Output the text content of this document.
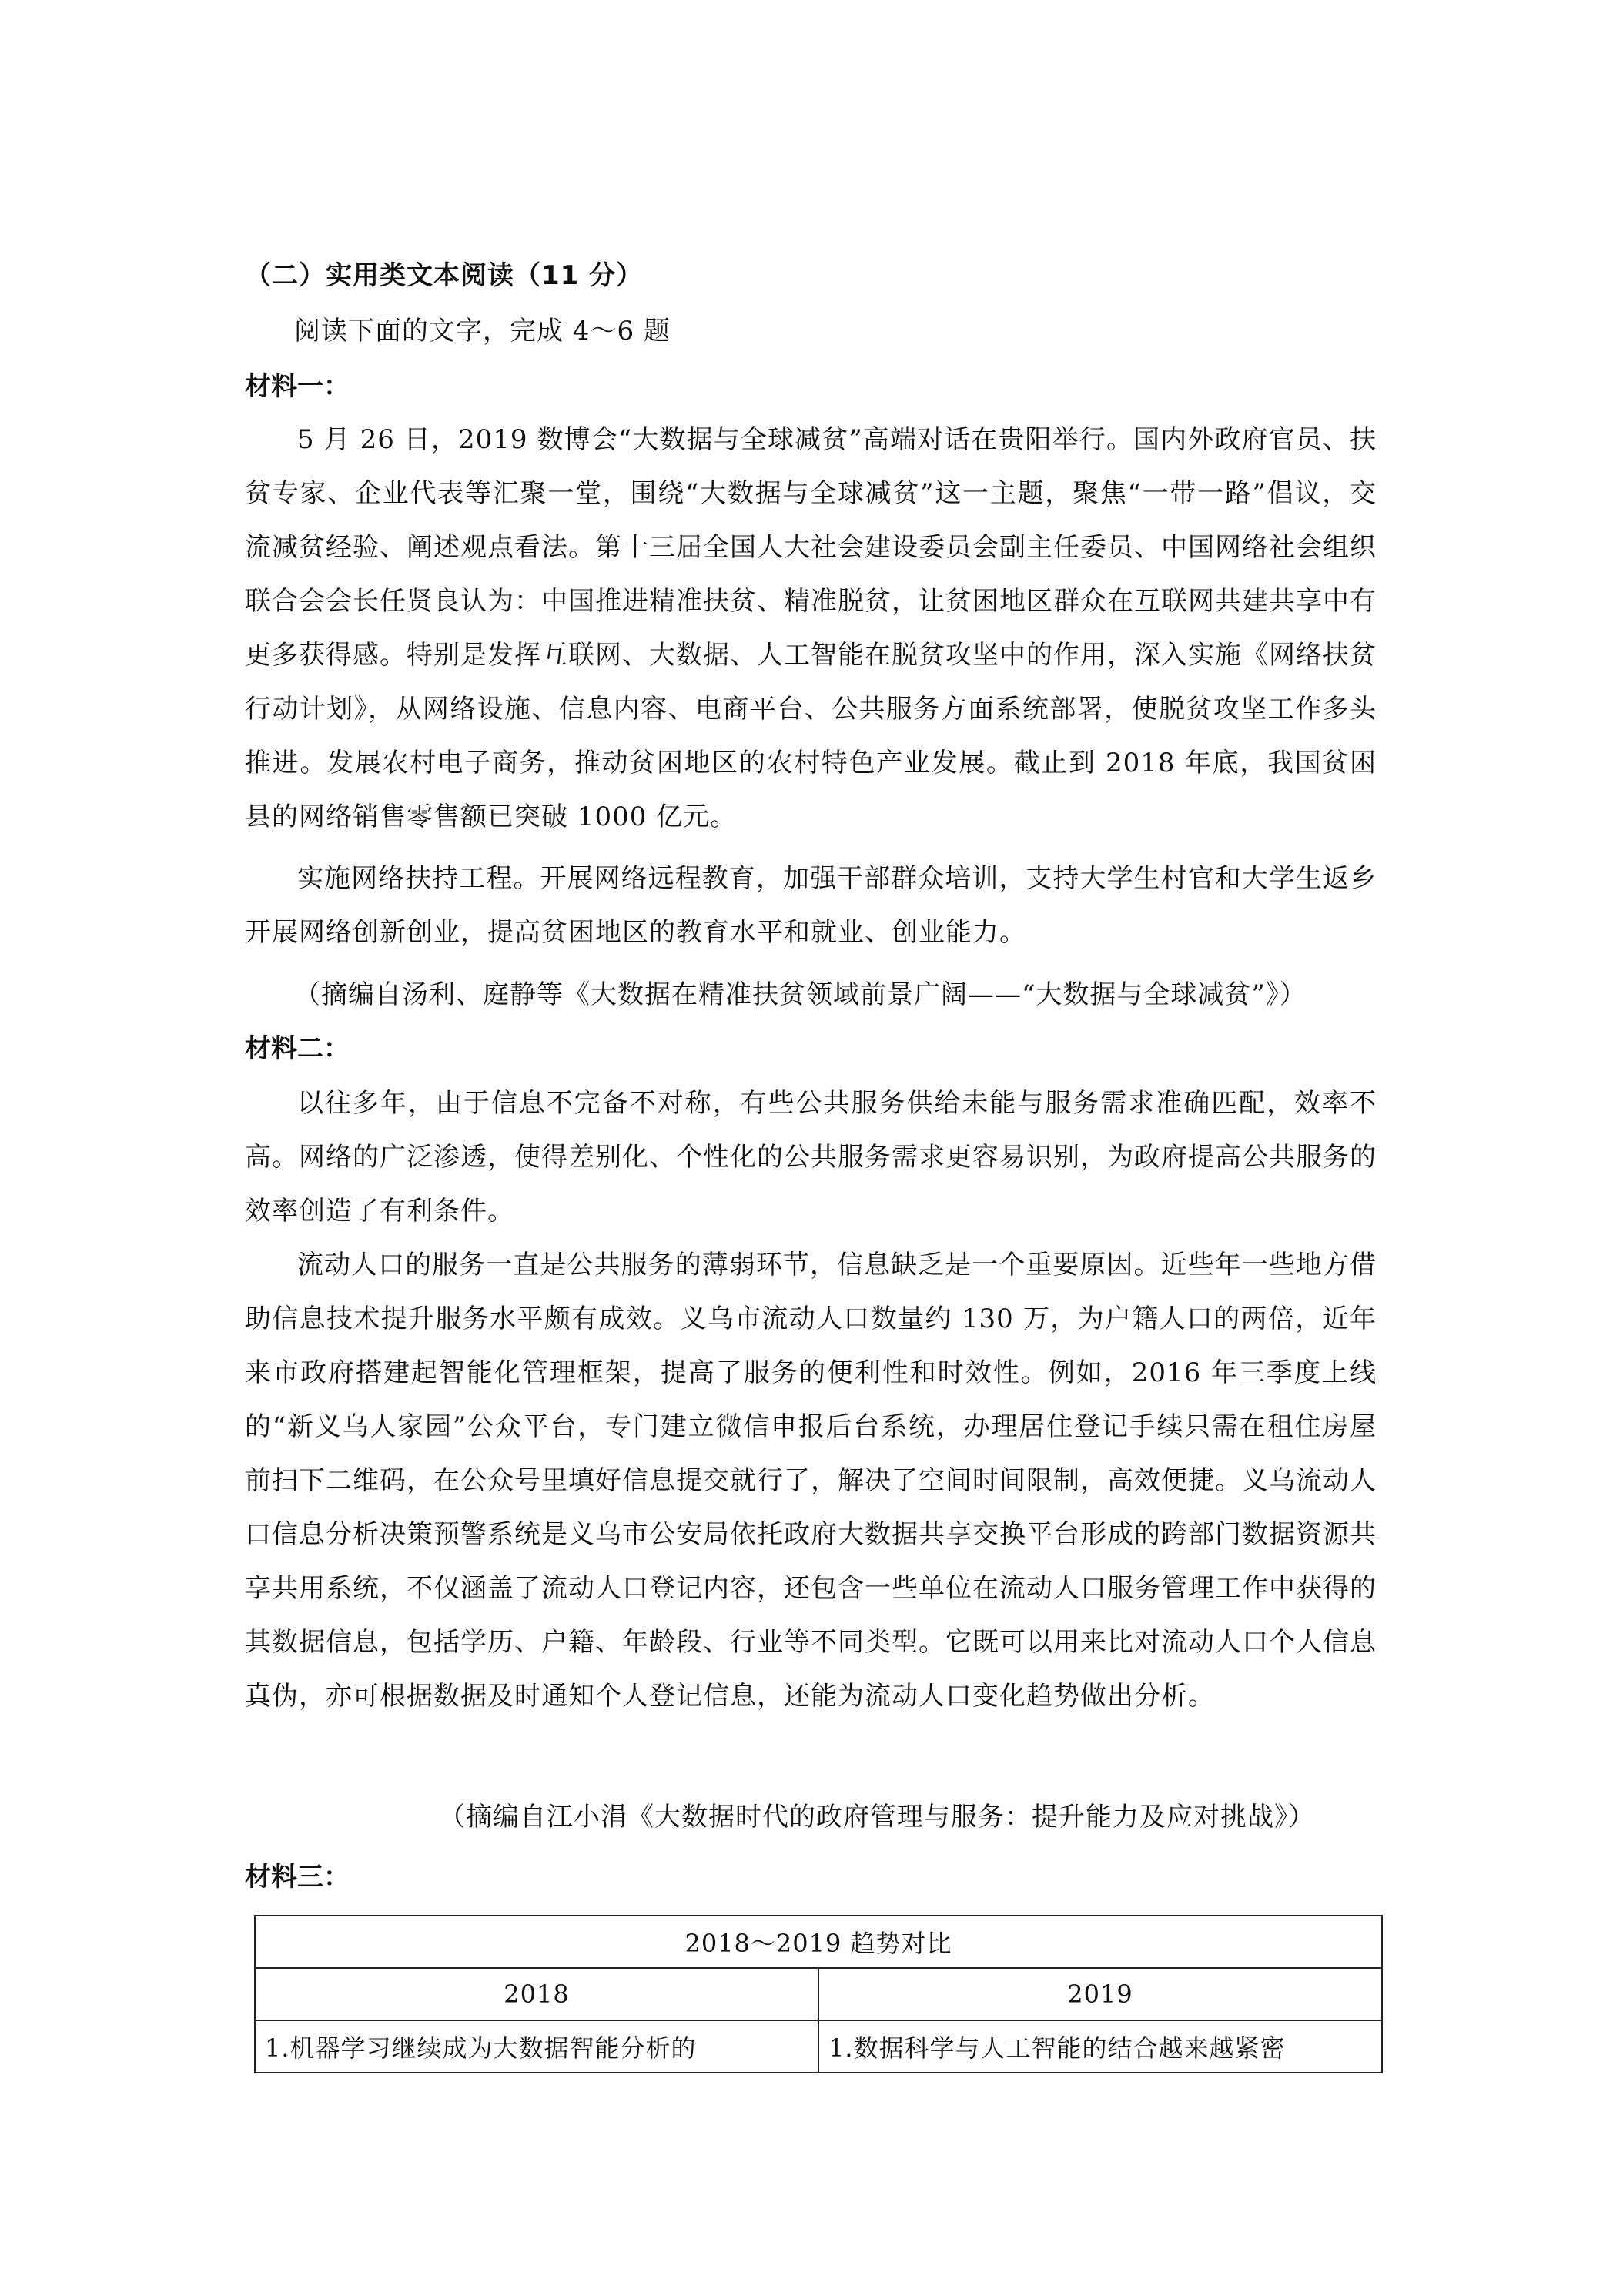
（二）实用类文本阅读（11 分）
阅读下面的文字，完成 4～6 题
材料一：

5 月 26 日，2019 数博会“大数据与全球减贫”高端对话在贵阳举行。国内外政府官员、扶贫专家、企业代表等汇聚一堂，围绕“大数据与全球减贫”这一主题，聚焦“一带一路”倡议，交流减贫经验、阐述观点看法。第十三届全国人大社会建设委员会副主任委员、中国网络社会组织联合会会长任贤良认为：中国推进精准扶贫、精准脱贫，让贫困地区群众在互联网共建共享中有更多获得感。特别是发挥互联网、大数据、人工智能在脱贫攻坚中的作用，深入实施《网络扶贫行动计划》，从网络设施、信息内容、电商平台、公共服务方面系统部署，使脱贫攻坚工作多头推进。发展农村电子商务，推动贫困地区的农村特色产业发展。截止到 2018 年底，我国贫困县的网络销售零售额已突破 1000 亿元。

实施网络扶持工程。开展网络远程教育，加强干部群众培训，支持大学生村官和大学生返乡开展网络创新创业，提高贫困地区的教育水平和就业、创业能力。

（摘编自汤利、庭静等《大数据在精准扶贫领域前景广阔——“大数据与全球减贫”》）
材料二：

以往多年，由于信息不完备不对称，有些公共服务供给未能与服务需求准确匹配，效率不高。网络的广泛渗透，使得差别化、个性化的公共服务需求更容易识别，为政府提高公共服务的效率创造了有利条件。

流动人口的服务一直是公共服务的薄弱环节，信息缺乏是一个重要原因。近些年一些地方借助信息技术提升服务水平颇有成效。义乌市流动人口数量约 130 万，为户籍人口的两倍，近年来市政府搭建起智能化管理框架，提高了服务的便利性和时效性。例如，2016 年三季度上线的“新义乌人家园”公众平台，专门建立微信申报后台系统，办理居住登记手续只需在租住房屋前扫下二维码，在公众号里填好信息提交就行了，解决了空间时间限制，高效便捷。义乌流动人口信息分析决策预警系统是义乌市公安局依托政府大数据共享交换平台形成的跨部门数据资源共享共用系统，不仅涵盖了流动人口登记内容，还包含一些单位在流动人口服务管理工作中获得的其数据信息，包括学历、户籍、年龄段、行业等不同类型。它既可以用来比对流动人口个人信息真伪，亦可根据数据及时通知个人登记信息，还能为流动人口变化趋势做出分析。

（摘编自江小涓《大数据时代的政府管理与服务：提升能力及应对挑战》）
材料三：
2018～2019 趋势对比	
2018	2019
1.机器学习继续成为大数据智能分析的	1.数据科学与人工智能的结合越来越紧密
